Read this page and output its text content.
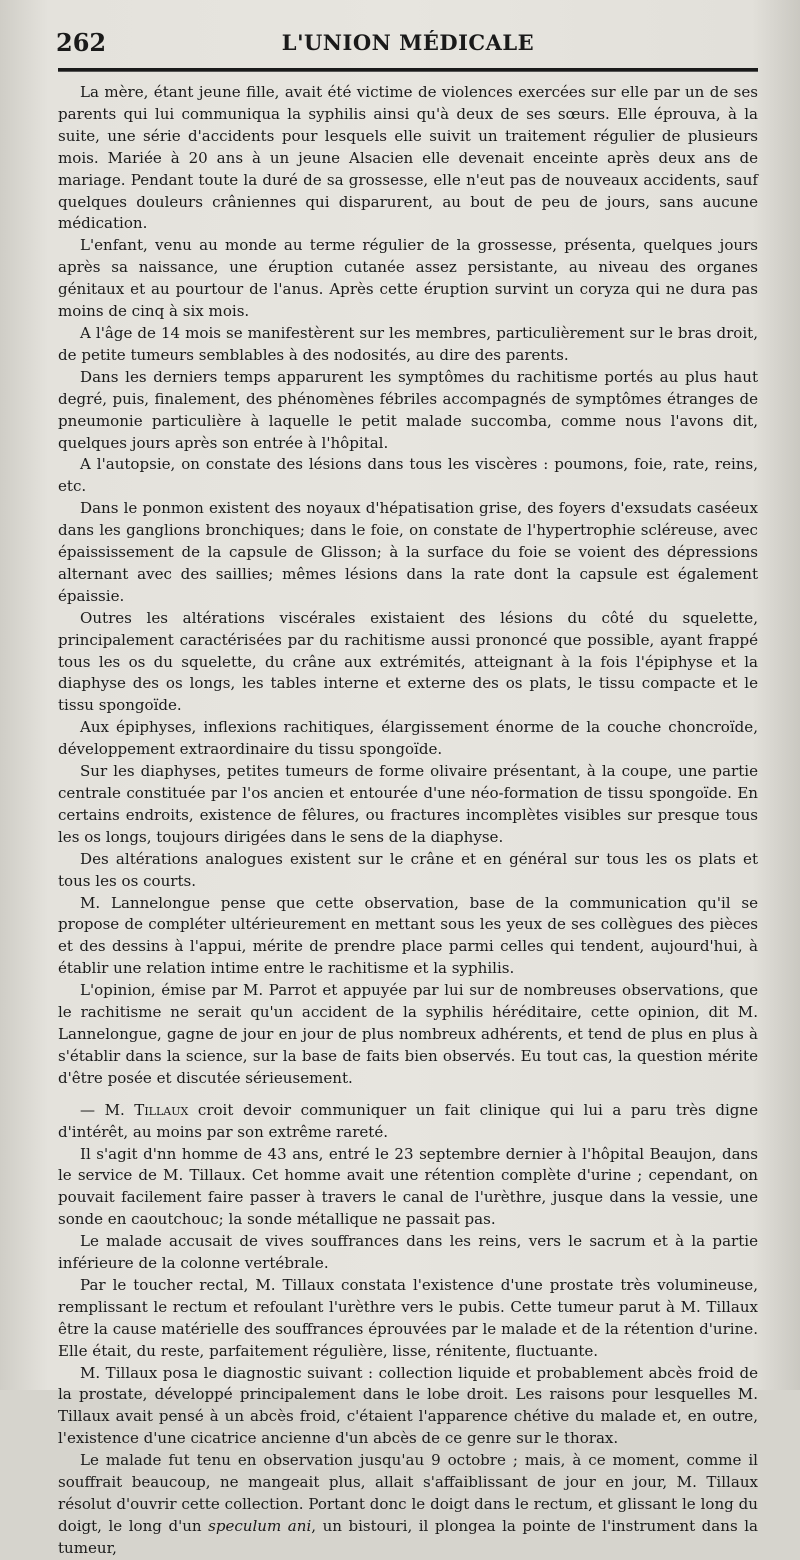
262	L'UNION MÉDICALE

La mère, étant jeune fille, avait été victime de violences exercées sur elle par un de ses parents qui lui communiqua la syphilis ainsi qu'à deux de ses sœurs. Elle éprouva, à la suite, une série d'accidents pour lesquels elle suivit un traitement régulier de plusieurs mois. Mariée à 20 ans à un jeune Alsacien elle devenait enceinte après deux ans de mariage. Pendant toute la duré de sa grossesse, elle n'eut pas de nouveaux accidents, sauf quelques douleurs crâniennes qui disparurent, au bout de peu de jours, sans aucune médication.

L'enfant, venu au monde au terme régulier de la grossesse, présenta, quelques jours après sa naissance, une éruption cutanée assez persistante, au niveau des organes génitaux et au pourtour de l'anus. Après cette éruption survint un coryza qui ne dura pas moins de cinq à six mois.

A l'âge de 14 mois se manifestèrent sur les membres, particulièrement sur le bras droit, de petite tumeurs semblables à des nodosités, au dire des parents.

Dans les derniers temps apparurent les symptômes du rachitisme portés au plus haut degré, puis, finalement, des phénomènes fébriles accompagnés de symptômes étranges de pneumonie particulière à laquelle le petit malade succomba, comme nous l'avons dit, quelques jours après son entrée à l'hôpital.

A l'autopsie, on constate des lésions dans tous les viscères : poumons, foie, rate, reins, etc.

Dans le ponmon existent des noyaux d'hépatisation grise, des foyers d'exsudats caséeux dans les ganglions bronchiques; dans le foie, on constate de l'hypertrophie scléreuse, avec épaississement de la capsule de Glisson; à la surface du foie se voient des dépressions alternant avec des saillies; mêmes lésions dans la rate dont la capsule est également épaissie.

Outres les altérations viscérales existaient des lésions du côté du squelette, principalement caractérisées par du rachitisme aussi prononcé que possible, ayant frappé tous les os du squelette, du crâne aux extrémités, atteignant à la fois l'épiphyse et la diaphyse des os longs, les tables interne et externe des os plats, le tissu compacte et le tissu spongoïde.

Aux épiphyses, inflexions rachitiques, élargissement énorme de la couche choncroïde, développement extraordinaire du tissu spongoïde.

Sur les diaphyses, petites tumeurs de forme olivaire présentant, à la coupe, une partie centrale constituée par l'os ancien et entourée d'une néo-formation de tissu spongoïde. En certains endroits, existence de fêlures, ou fractures incomplètes visibles sur presque tous les os longs, toujours dirigées dans le sens de la diaphyse.

Des altérations analogues existent sur le crâne et en général sur tous les os plats et tous les os courts.

M. Lannelongue pense que cette observation, base de la communication qu'il se propose de compléter ultérieurement en mettant sous les yeux de ses collègues des pièces et des dessins à l'appui, mérite de prendre place parmi celles qui tendent, aujourd'hui, à établir une relation intime entre le rachitisme et la syphilis.

L'opinion, émise par M. Parrot et appuyée par lui sur de nombreuses observations, que le rachitisme ne serait qu'un accident de la syphilis héréditaire, cette opinion, dit M. Lannelongue, gagne de jour en jour de plus nombreux adhérents, et tend de plus en plus à s'établir dans la science, sur la base de faits bien observés. Eu tout cas, la question mérite d'être posée et discutée sérieusement.

— M. Tillaux croit devoir communiquer un fait clinique qui lui a paru très digne d'intérêt, au moins par son extrême rareté.

Il s'agit d'nn homme de 43 ans, entré le 23 septembre dernier à l'hôpital Beaujon, dans le service de M. Tillaux. Cet homme avait une rétention complète d'urine ; cependant, on pouvait facilement faire passer à travers le canal de l'urèthre, jusque dans la vessie, une sonde en caoutchouc; la sonde métallique ne passait pas.

Le malade accusait de vives souffrances dans les reins, vers le sacrum et à la partie inférieure de la colonne vertébrale.

Par le toucher rectal, M. Tillaux constata l'existence d'une prostate très volumineuse, remplissant le rectum et refoulant l'urèthre vers le pubis. Cette tumeur parut à M. Tillaux être la cause matérielle des souffrances éprouvées par le malade et de la rétention d'urine. Elle était, du reste, parfaitement régulière, lisse, rénitente, fluctuante.

M. Tillaux posa le diagnostic suivant : collection liquide et probablement abcès froid de la prostate, développé principalement dans le lobe droit. Les raisons pour lesquelles M. Tillaux avait pensé à un abcès froid, c'étaient l'apparence chétive du malade et, en outre, l'existence d'une cicatrice ancienne d'un abcès de ce genre sur le thorax.

Le malade fut tenu en observation jusqu'au 9 octobre ; mais, à ce moment, comme il souffrait beaucoup, ne mangeait plus, allait s'affaiblissant de jour en jour, M. Tillaux résolut d'ouvrir cette collection. Portant donc le doigt dans le rectum, et glissant le long du doigt, le long d'un speculum ani, un bistouri, il plongea la pointe de l'instrument dans la tumeur,
